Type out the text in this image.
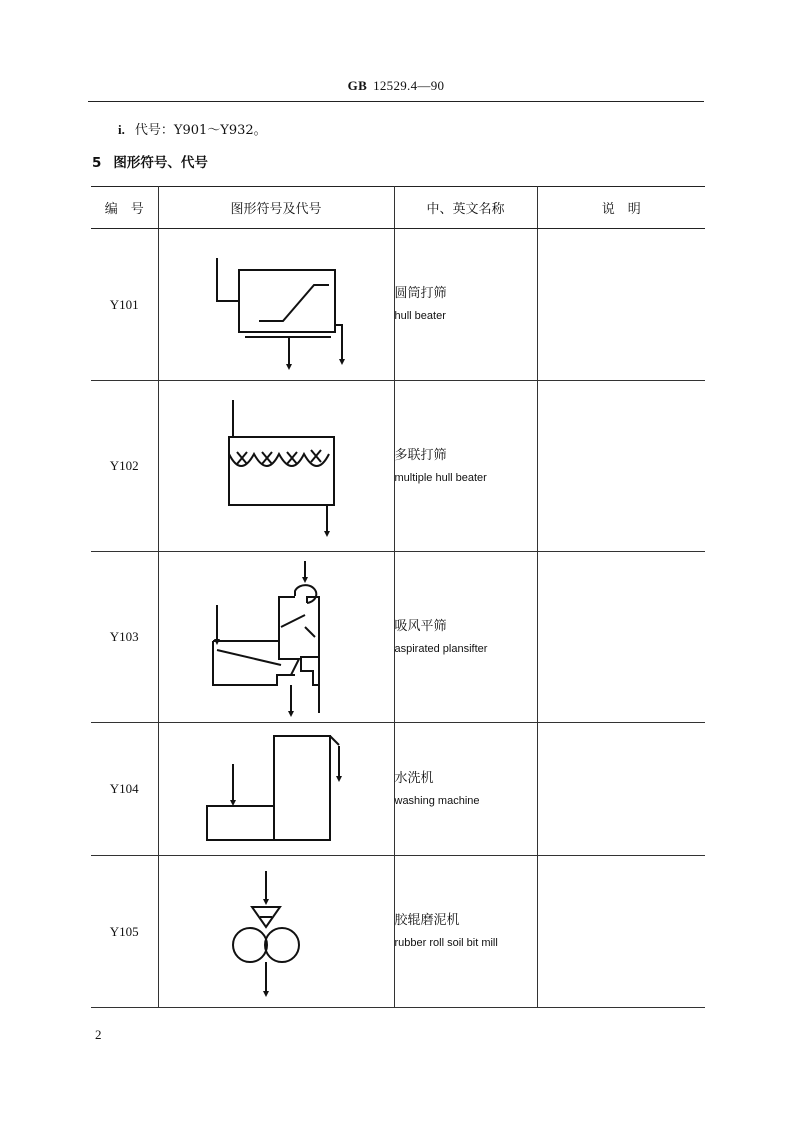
GB 12529.4—90
i. 代号：Y901～Y932。
5 图形符号、代号
编　号	图形符号及代号	中、英文名称	说　明
Y101		圆筒打筛
hull beater	

Y102		多联打筛
multiple hull beater	

Y103		吸风平筛
aspirated plansifter	

Y104		水洗机
washing machine	

Y105		胶辊磨泥机
rubber roll soil bit mill	

2
